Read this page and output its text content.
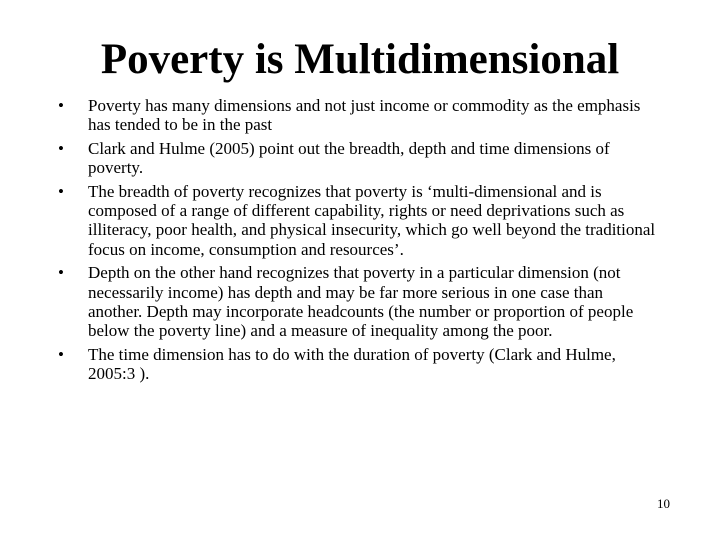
Poverty is Multidimensional
• Poverty has many dimensions and not just income or commodity as the emphasis has tended to be in the past
• Clark and Hulme (2005) point out the breadth, depth and time dimensions of poverty.
• The breadth of poverty recognizes that poverty is ‘multi-dimensional and is composed of a range of different capability, rights or need deprivations such as illiteracy, poor health, and physical insecurity, which go well beyond the traditional focus on income, consumption and resources’.
• Depth on the other hand recognizes that poverty in a particular dimension (not necessarily income) has depth and may be far more serious in one case than another. Depth may incorporate headcounts (the number or proportion of people below the poverty line) and a measure of inequality among the poor.
• The time dimension has to do with the duration of poverty (Clark and Hulme, 2005:3 ).
10
